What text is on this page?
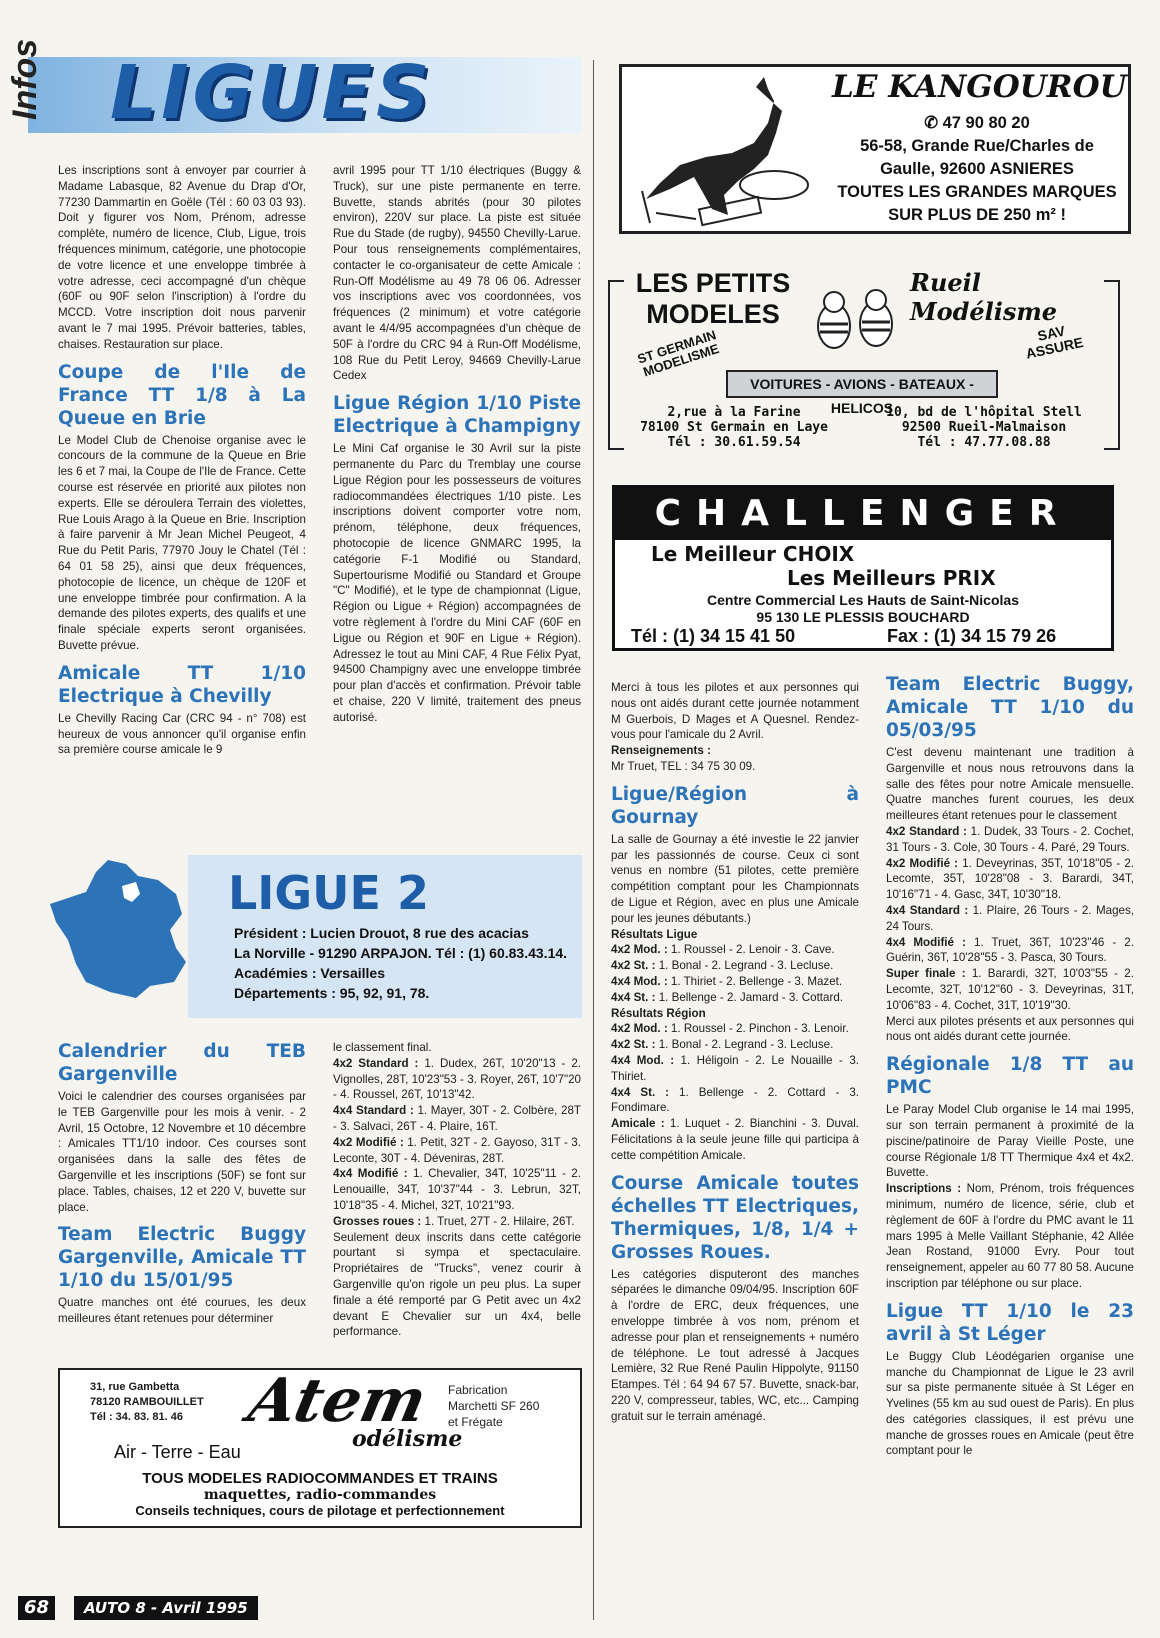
Infos LIGUES

Les inscriptions sont à envoyer par courrier à Madame Labasque, 82 Avenue du Drap d'Or, 77230 Dammartin en Goële (Tél : 60 03 03 93). Doit y figurer vos Nom, Prénom, adresse complète, numéro de licence, Club, Ligue, trois fréquences minimum, catégorie, une photocopie de votre licence et une enveloppe timbrée à votre adresse, ceci accompagné d'un chèque (60F ou 90F selon l'inscription) à l'ordre du MCCD. Votre inscription doit nous parvenir avant le 7 mai 1995. Prévoir batteries, tables, chaises. Restauration sur place.

Coupe de l'Ile de France TT 1/8 à La Queue en Brie

Le Model Club de Chenoise organise avec le concours de la commune de la Queue en Brie les 6 et 7 mai, la Coupe de l'Ile de France. Cette course est réservée en priorité aux pilotes non experts. Elle se déroulera Terrain des violettes, Rue Louis Arago à la Queue en Brie. Inscription à faire parvenir à Mr Jean Michel Peugeot, 4 Rue du Petit Paris, 77970 Jouy le Chatel (Tél : 64 01 58 25), ainsi que deux fréquences, photocopie de licence, un chèque de 120F et une enveloppe timbrée pour confirmation. A la demande des pilotes experts, des qualifs et une finale spéciale experts seront organisées. Buvette prévue.

Amicale TT 1/10 Electrique à Chevilly

Le Chevilly Racing Car (CRC 94 - n° 708) est heureux de vous annoncer qu'il organise enfin sa première course amicale le 9

avril 1995 pour TT 1/10 électriques (Buggy & Truck), sur une piste permanente en terre. Buvette, stands abrités (pour 30 pilotes environ), 220V sur place. La piste est située Rue du Stade (de rugby), 94550 Chevilly-Larue. Pour tous renseignements complémentaires, contacter le co-organisateur de cette Amicale : Run-Off Modélisme au 49 78 06 06. Adresser vos inscriptions avec vos coordonnées, vos fréquences (2 minimum) et votre catégorie avant le 4/4/95 accompagnées d'un chèque de 50F à l'ordre du CRC 94 à Run-Off Modélisme, 108 Rue du Petit Leroy, 94669 Chevilly-Larue Cedex

Ligue Région 1/10 Piste Electrique à Champigny

Le Mini Caf organise le 30 Avril sur la piste permanente du Parc du Tremblay une course Ligue Région pour les possesseurs de voitures radiocommandées électriques 1/10 piste. Les inscriptions doivent comporter votre nom, prénom, téléphone, deux fréquences, photocopie de licence GNMARC 1995, la catégorie F-1 Modifié ou Standard, Supertourisme Modifié ou Standard et Groupe "C" Modifié), et le type de championnat (Ligue, Région ou Ligue + Région) accompagnées de votre règlement à l'ordre du Mini CAF (60F en Ligue ou Région et 90F en Ligue + Région). Adressez le tout au Mini CAF, 4 Rue Félix Pyat, 94500 Champigny avec une enveloppe timbrée pour plan d'accès et confirmation. Prévoir table et chaise, 220 V limité, traitement des pneus autorisé.

LIGUE 2
Président : Lucien Drouot, 8 rue des acacias
La Norville - 91290 ARPAJON. Tél : (1) 60.83.43.14.
Académies : Versailles
Départements : 95, 92, 91, 78.
Calendrier du TEB Gargenville

Voici le calendrier des courses organisées par le TEB Gargenville pour les mois à venir. - 2 Avril, 15 Octobre, 12 Novembre et 10 décembre : Amicales TT1/10 indoor. Ces courses sont organisées dans la salle des fêtes de Gargenville et les inscriptions (50F) se font sur place. Tables, chaises, 12 et 220 V, buvette sur place.

Team Electric Buggy Gargenville, Amicale TT 1/10 du 15/01/95

Quatre manches ont été courues, les deux meilleures étant retenues pour déterminer

le classement final.

4x2 Standard : 1. Dudex, 26T, 10'20"13 - 2. Vignolles, 28T, 10'23"53 - 3. Royer, 26T, 10'7"20 - 4. Roussel, 26T, 10'13"42.

4x4 Standard : 1. Mayer, 30T - 2. Colbère, 28T - 3. Salvaci, 26T - 4. Plaire, 16T.

4x2 Modifié : 1. Petit, 32T - 2. Gayoso, 31T - 3. Leconte, 30T - 4. Déveniras, 28T.

4x4 Modifié : 1. Chevalier, 34T, 10'25"11 - 2. Lenouaille, 34T, 10'37"44 - 3. Lebrun, 32T, 10'18"35 - 4. Michel, 32T, 10'21"93.

Grosses roues : 1. Truet, 27T - 2. Hilaire, 26T.

Seulement deux inscrits dans cette catégorie pourtant si sympa et spectaculaire. Propriétaires de "Trucks", venez courir à Gargenville qu'on rigole un peu plus. La super finale a été remporté par G Petit avec un 4x2 devant E Chevalier sur un 4x4, belle performance.

31, rue Gambetta
78120 RAMBOUILLET
Tél : 34. 83. 81. 46 Atem
odélisme
Fabrication
Marchetti SF 260
et Frégate
Air - Terre - Eau
TOUS MODELES RADIOCOMMANDES ET TRAINS
maquettes, radio-commandes
Conseils techniques, cours de pilotage et perfectionnement
LE KANGOUROU
✆ 47 90 80 20
56-58, Grande Rue/Charles de
Gaulle, 92600 ASNIERES
TOUTES LES GRANDES MARQUES
SUR PLUS DE 250 m² !
LES PETITS
MODELES
Rueil Modélisme
ST GERMAIN MODELISME
SAV ASSURE
VOITURES - AVIONS - BATEAUX - HELICOS
2,rue à la Farine
78100 St Germain en Laye
Tél : 30.61.59.54
10, bd de l'hôpital Stell
92500 Rueil-Malmaison
Tél : 47.77.08.88
CHALLENGER
Le Meilleur CHOIX
Les Meilleurs PRIX
Centre Commercial Les Hauts de Saint-Nicolas
95 130 LE PLESSIS BOUCHARD
Tél : (1) 34 15 41 50	Fax : (1) 34 15 79 26

Merci à tous les pilotes et aux personnes qui nous ont aidés durant cette journée notamment M Guerbois, D Mages et A Quesnel. Rendez-vous pour l'amicale du 2 Avril.

Renseignements :

Mr Truet, TEL : 34 75 30 09.

Ligue/Région à Gournay

La salle de Gournay a été investie le 22 janvier par les passionnés de course. Ceux ci sont venus en nombre (51 pilotes, cette première compétition comptant pour les Championnats de Ligue et Région, avec en plus une Amicale pour les jeunes débutants.)

Résultats Ligue

4x2 Mod. : 1. Roussel - 2. Lenoir - 3. Cave.

4x2 St. : 1. Bonal - 2. Legrand - 3. Lecluse.

4x4 Mod. : 1. Thiriet - 2. Bellenge - 3. Mazet.

4x4 St. : 1. Bellenge - 2. Jamard - 3. Cottard.

Résultats Région

4x2 Mod. : 1. Roussel - 2. Pinchon - 3. Lenoir.

4x2 St. : 1. Bonal - 2. Legrand - 3. Lecluse.

4x4 Mod. : 1. Héligoin - 2. Le Nouaille - 3. Thiriet.

4x4 St. : 1. Bellenge - 2. Cottard - 3. Fondimare.

Amicale : 1. Luquet - 2. Bianchini - 3. Duval. Félicitations à la seule jeune fille qui participa à cette compétition Amicale.

Course Amicale toutes échelles TT Electriques, Thermiques, 1/8, 1/4 + Grosses Roues.

Les catégories disputeront des manches séparées le dimanche 09/04/95. Inscription 60F à l'ordre de ERC, deux fréquences, une enveloppe timbrée à vos nom, prénom et adresse pour plan et renseignements + numéro de téléphone. Le tout adressé à Jacques Lemière, 32 Rue René Paulin Hippolyte, 91150 Etampes. Tél : 64 94 67 57. Buvette, snack-bar, 220 V, compresseur, tables, WC, etc... Camping gratuit sur le terrain aménagé.

Team Electric Buggy, Amicale TT 1/10 du 05/03/95

C'est devenu maintenant une tradition à Gargenville et nous nous retrouvons dans la salle des fêtes pour notre Amicale mensuelle. Quatre manches furent courues, les deux meilleures étant retenues pour le classement

4x2 Standard : 1. Dudek, 33 Tours - 2. Cochet, 31 Tours - 3. Cole, 30 Tours - 4. Paré, 29 Tours.

4x2 Modifié : 1. Deveyrinas, 35T, 10'18"05 - 2. Lecomte, 35T, 10'28"08 - 3. Barardi, 34T, 10'16"71 - 4. Gasc, 34T, 10'30"18.

4x4 Standard : 1. Plaire, 26 Tours - 2. Mages, 24 Tours.

4x4 Modifié : 1. Truet, 36T, 10'23"46 - 2. Guérin, 36T, 10'28"55 - 3. Pasca, 30 Tours.

Super finale : 1. Barardi, 32T, 10'03"55 - 2. Lecomte, 32T, 10'12"60 - 3. Deveyrinas, 31T, 10'06"83 - 4. Cochet, 31T, 10'19"30.

Merci aux pilotes présents et aux personnes qui nous ont aidés durant cette journée.

Régionale 1/8 TT au PMC

Le Paray Model Club organise le 14 mai 1995, sur son terrain permanent à proximité de la piscine/patinoire de Paray Vieille Poste, une course Régionale 1/8 TT Thermique 4x4 et 4x2. Buvette.

Inscriptions : Nom, Prénom, trois fréquences minimum, numéro de licence, série, club et règlement de 60F à l'ordre du PMC avant le 11 mars 1995 à Melle Vaillant Stéphanie, 42 Allée Jean Rostand, 91000 Evry. Pour tout renseignement, appeler au 60 77 80 58. Aucune inscription par téléphone ou sur place.

Ligue TT 1/10 le 23 avril à St Léger

Le Buggy Club Léodégarien organise une manche du Championnat de Ligue le 23 avril sur sa piste permanente située à St Léger en Yvelines (55 km au sud ouest de Paris). En plus des catégories classiques, il est prévu une manche de grosses roues en Amicale (peut être comptant pour le

68	AUTO 8 - Avril 1995
